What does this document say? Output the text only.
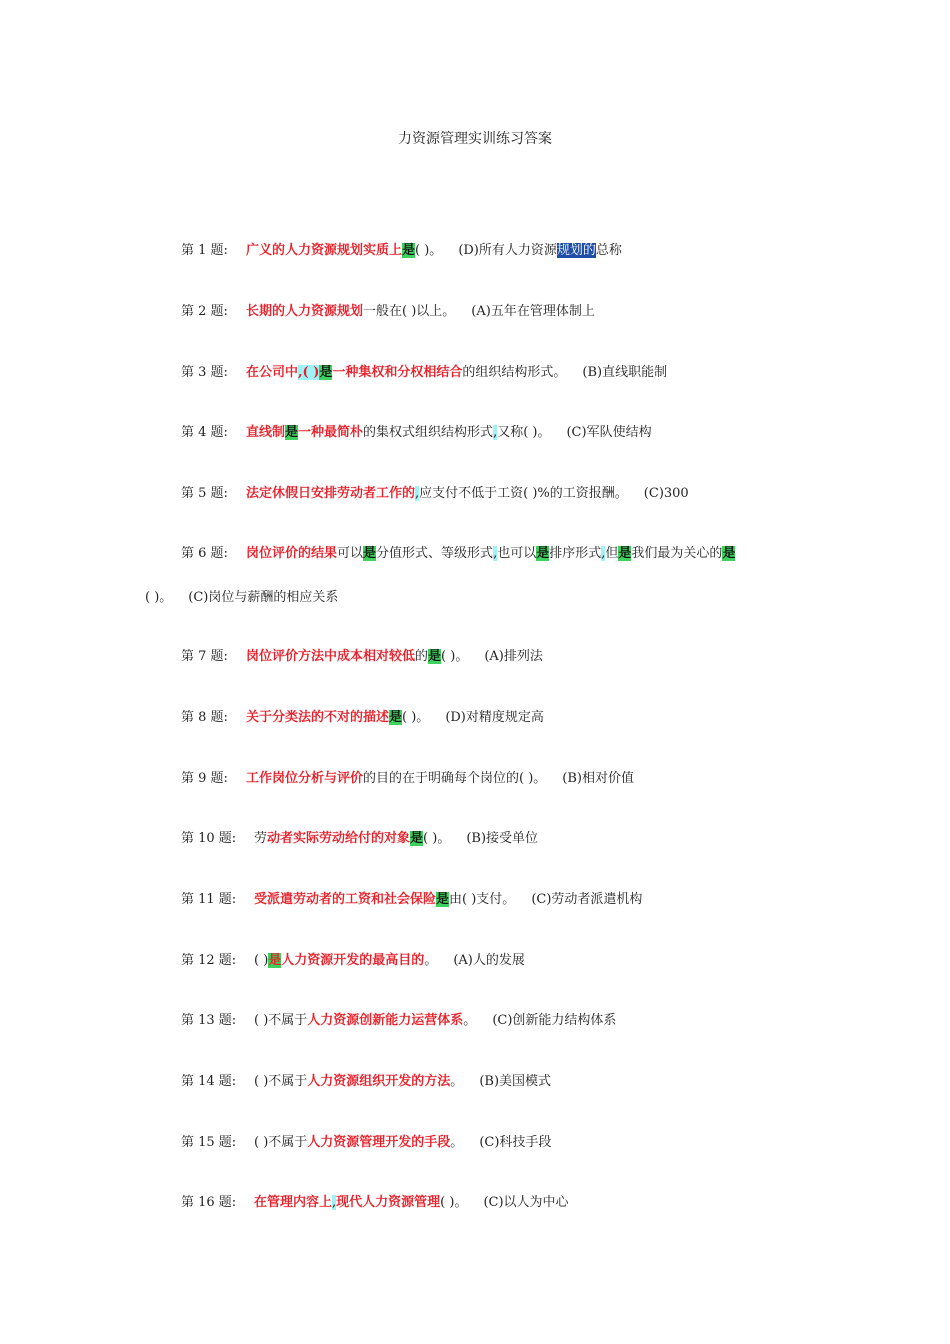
力资源管理实训练习答案
第 1 题: 广义的人力资源规划实质上是( )。 (D)所有人力资源规划的总称
第 2 题: 长期的人力资源规划一般在( )以上。 (A)五年在管理体制上
第 3 题: 在公司中,( )是一种集权和分权相结合的组织结构形式。 (B)直线职能制
第 4 题: 直线制是一种最简朴的集权式组织结构形式,又称( )。 (C)军队使结构
第 5 题: 法定休假日安排劳动者工作的,应支付不低于工资( )%的工资报酬。 (C)300
第 6 题: 岗位评价的结果可以是分值形式、等级形式,也可以是排序形式,但是我们最为关心的是
( )。 (C)岗位与薪酬的相应关系
第 7 题: 岗位评价方法中成本相对较低的是( )。 (A)排列法
第 8 题: 关于分类法的不对的描述是( )。 (D)对精度规定高
第 9 题: 工作岗位分析与评价的目的在于明确每个岗位的( )。 (B)相对价值
第 10 题: 劳动者实际劳动给付的对象是( )。 (B)接受单位
第 11 题: 受派遣劳动者的工资和社会保险是由( )支付。 (C)劳动者派遣机构
第 12 题: ( )是人力资源开发的最高目的。 (A)人的发展
第 13 题: ( )不属于人力资源创新能力运营体系。 (C)创新能力结构体系
第 14 题: ( )不属于人力资源组织开发的方法。 (B)美国模式
第 15 题: ( )不属于人力资源管理开发的手段。 (C)科技手段
第 16 题: 在管理内容上,现代人力资源管理( )。 (C)以人为中心
